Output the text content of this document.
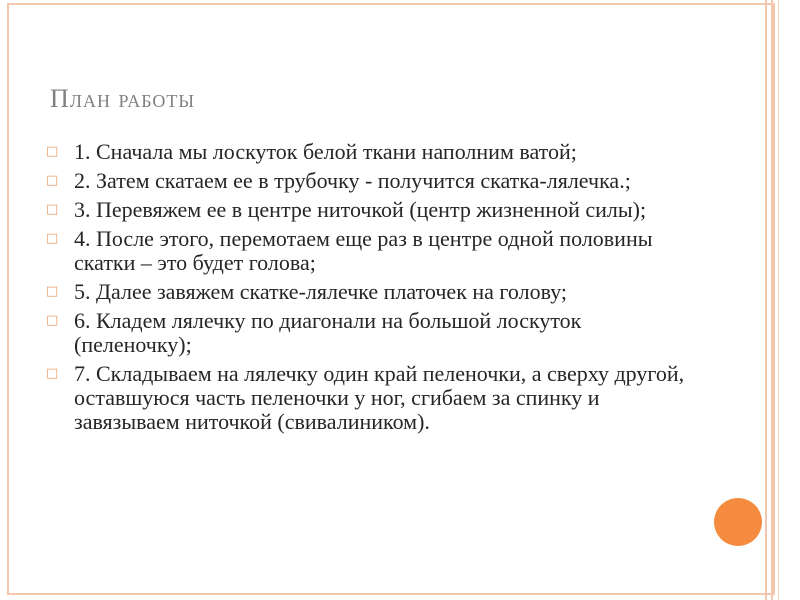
План работы
□ 1. Сначала мы лоскуток белой ткани наполним ватой;
□ 2. Затем скатаем ее в трубочку - получится скатка-лялечка.;
□ 3. Перевяжем ее в центре ниточкой (центр жизненной силы);
□ 4. После этого, перемотаем еще раз в центре одной половины скатки – это будет голова;
□ 5. Далее завяжем скатке-лялечке платочек на голову;
□ 6. Кладем лялечку по диагонали на большой лоскуток (пеленочку);
□ 7. Складываем на лялечку один край пеленочки, а сверху другой, оставшуюся часть пеленочки у ног, сгибаем за спинку и завязываем ниточкой (свивалиником).
